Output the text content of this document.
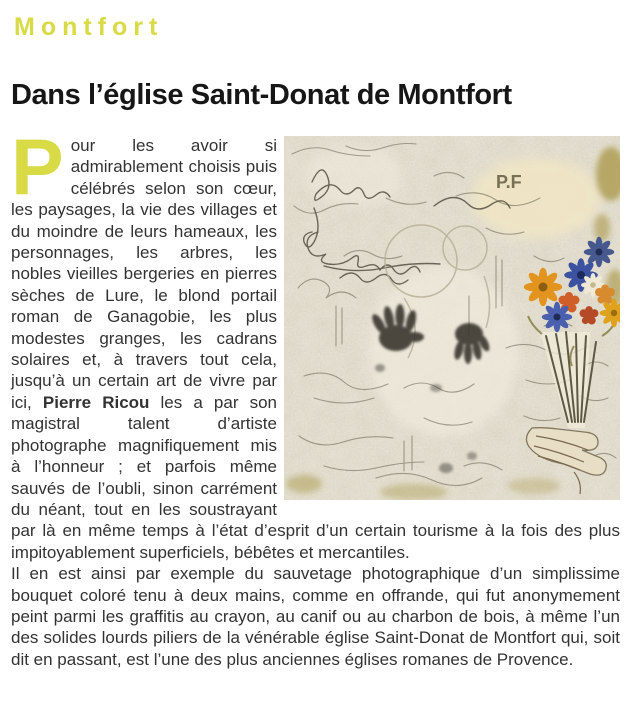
Montfort
Dans l’église Saint-Donat de Montfort
P.F

Pour les avoir si admirablement choisis puis célébrés selon son cœur, les paysages, la vie des villages et du moindre de leurs hameaux, les personnages, les arbres, les nobles vieilles bergeries en pierres sèches de Lure, le blond portail roman de Ganagobie, les plus modestes granges, les cadrans solaires et, à travers tout cela, jusqu’à un certain art de vivre par ici, Pierre Ricou les a par son magistral talent d’artiste photographe magnifiquement mis à l’honneur ; et parfois même sauvés de l’oubli, sinon carrément du néant, tout en les soustrayant par là en même temps à l’état d’esprit d’un certain tourisme à la fois des plus impitoyablement superficiels, bébêtes et mercantiles.

Il en est ainsi par exemple du sauvetage photographique d’un simplissime bouquet coloré tenu à deux mains, comme en offrande, qui fut anonymement peint parmi les graffitis au crayon, au canif ou au charbon de bois, à même l’un des solides lourds piliers de la vénérable église Saint-Donat de Montfort qui, soit dit en passant, est l’une des plus anciennes églises romanes de Provence.
